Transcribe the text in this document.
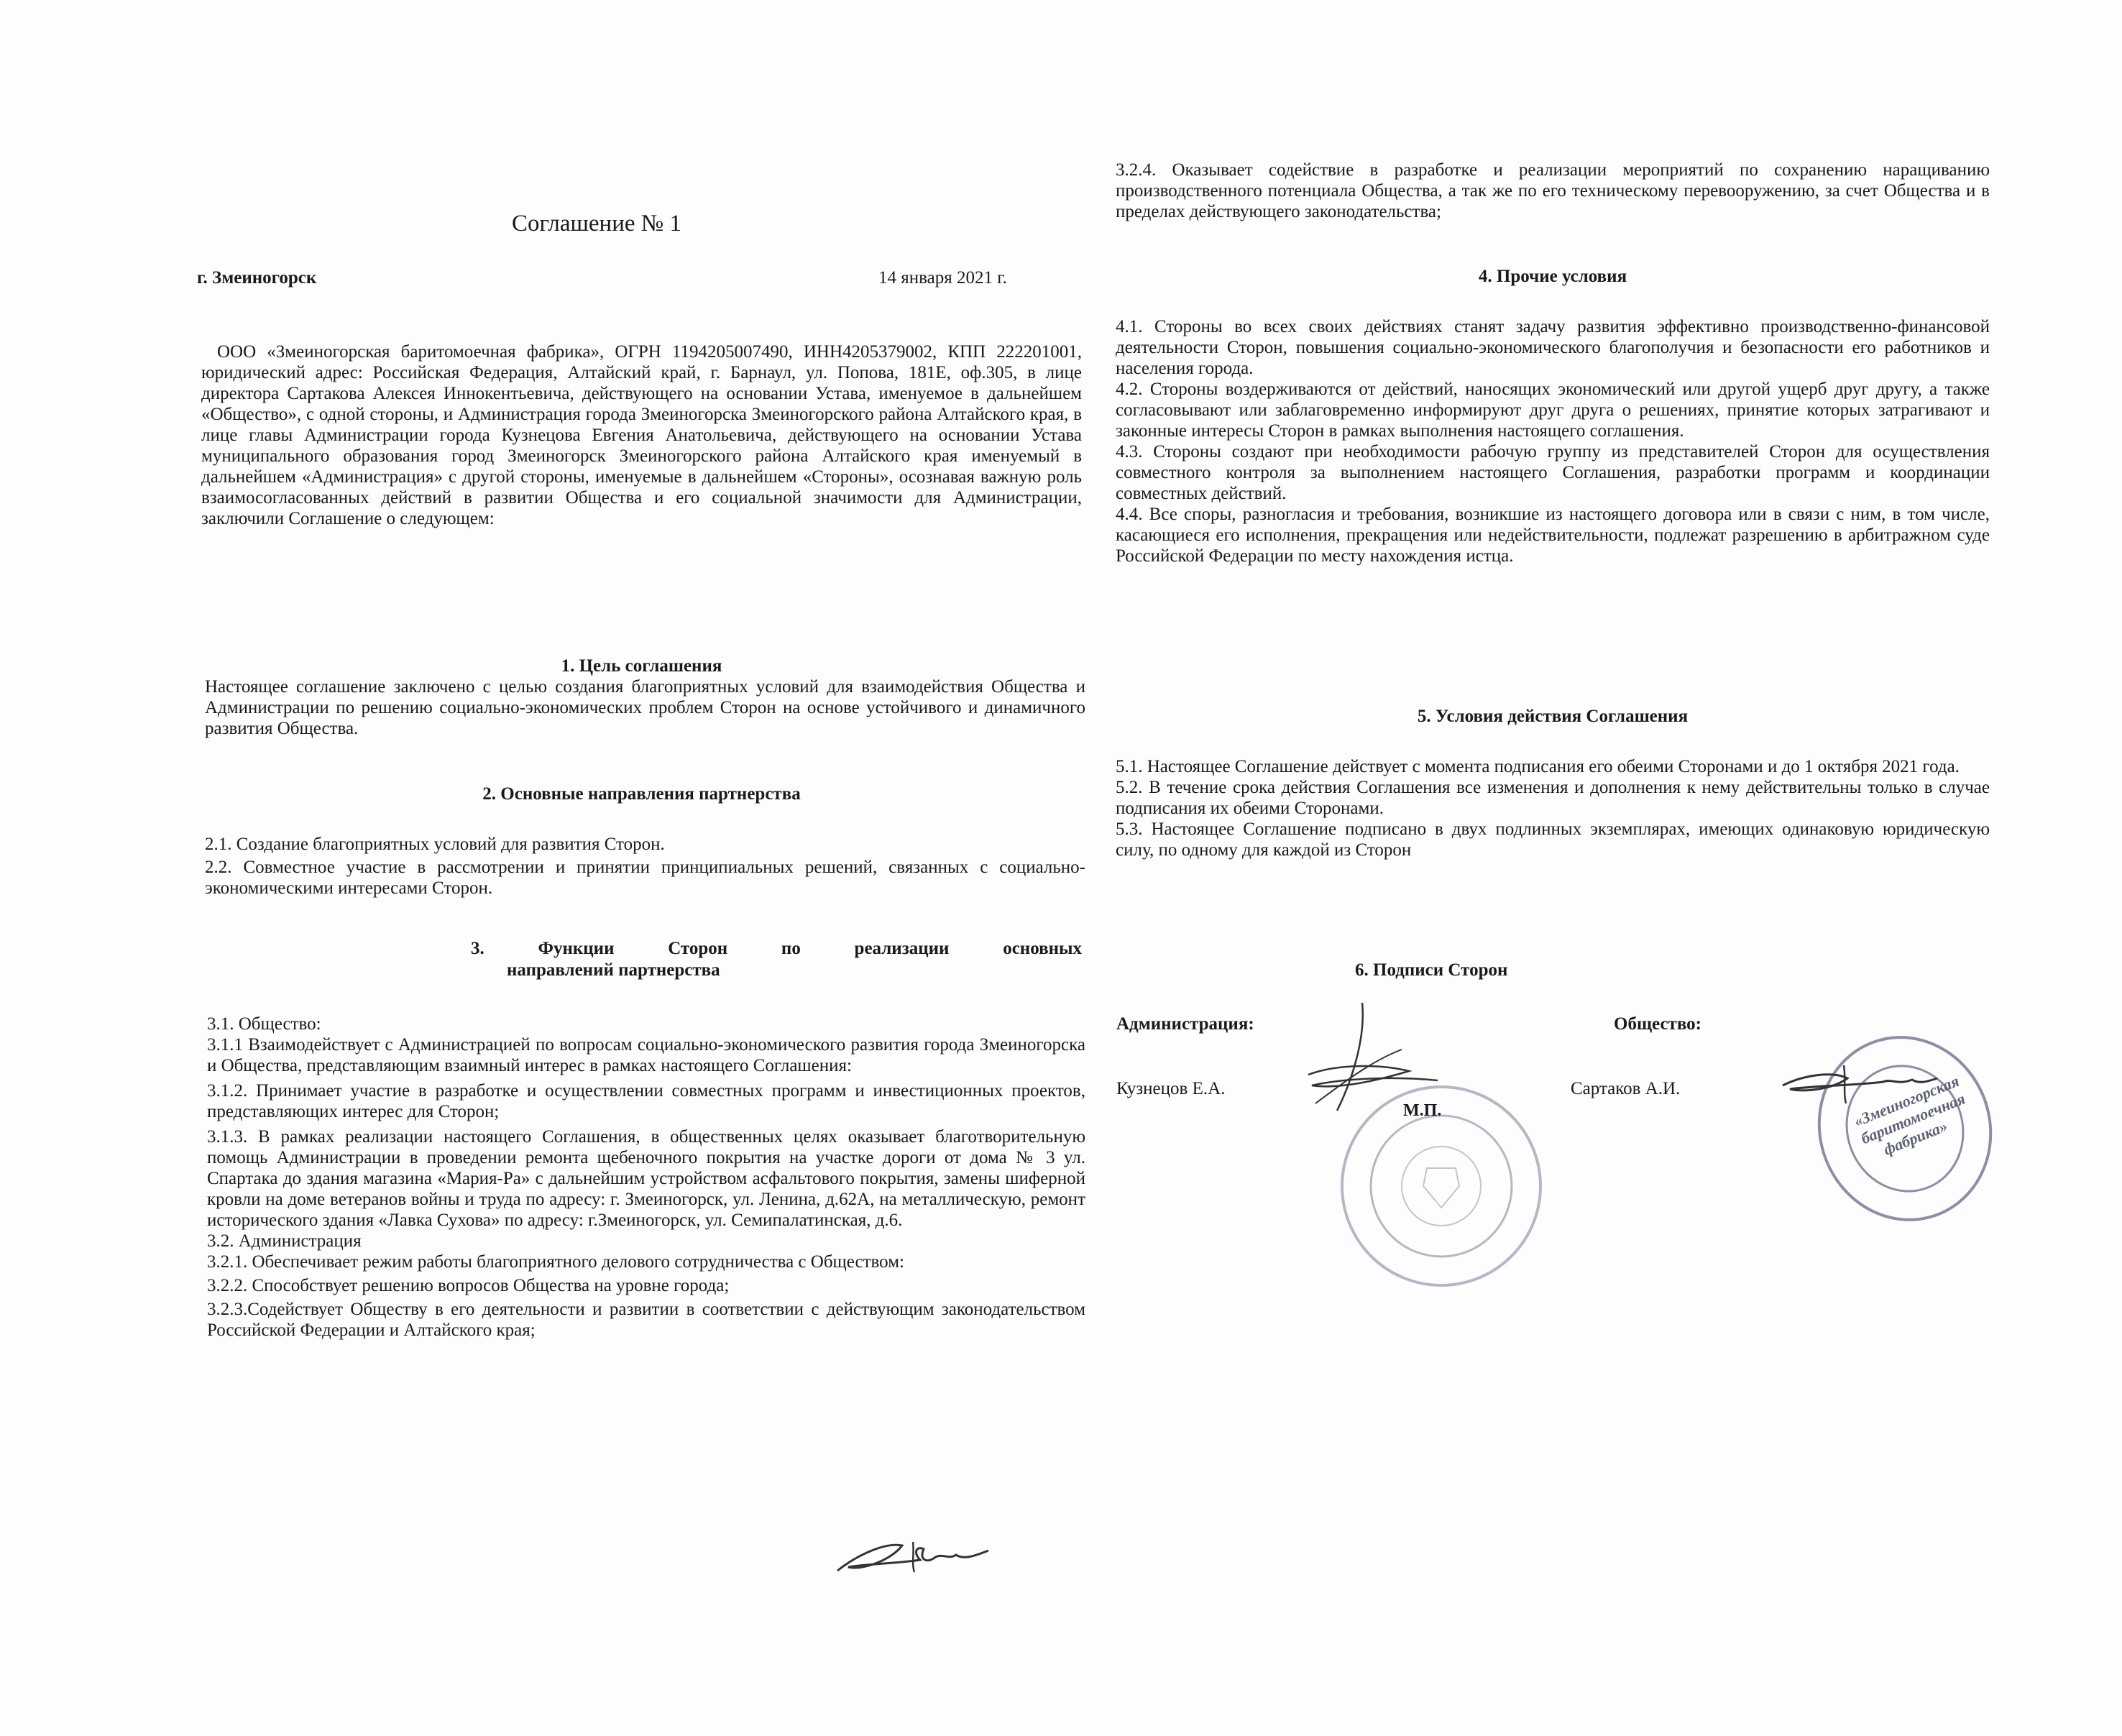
Соглашение № 1
г. Змеиногорск	14 января 2021 г.
ООО «Змеиногорская баритомоечная фабрика», ОГРН 1194205007490, ИНН4205379002, КПП 222201001, юридический адрес: Российская Федерация, Алтайский край, г. Барнаул, ул. Попова, 181Е, оф.305, в лице директора Сартакова Алексея Иннокентьевича, действующего на основании Устава, именуемое в дальнейшем «Общество», с одной стороны, и Администрация города Змеиногорска Змеиногорского района Алтайского края, в лице главы Администрации города Кузнецова Евгения Анатольевича, действующего на основании Устава муниципального образования город Змеиногорск Змеиногорского района Алтайского края именуемый в дальнейшем «Администрация» с другой стороны, именуемые в дальнейшем «Стороны», осознавая важную роль взаимосогласованных действий в развитии Общества и его социальной значимости для Администрации, заключили Соглашение о следующем:
1. Цель соглашения
Настоящее соглашение заключено с целью создания благоприятных условий для взаимодействия Общества и Администрации по решению социально-экономических проблем Сторон на основе устойчивого и динамичного развития Общества.
2. Основные направления партнерства
2.1. Создание благоприятных условий для развития Сторон.
2.2. Совместное участие в рассмотрении и принятии принципиальных решений, связанных с социально-экономическими интересами Сторон.
3. Функции Сторон по реализации основных
направлений партнерства

3.1. Общество:

3.1.1 Взаимодействует с Администрацией по вопросам социально-экономического развития города Змеиногорска и Общества, представляющим взаимный интерес в рамках настоящего Соглашения:

3.1.2. Принимает участие в разработке и осуществлении совместных программ и инвестиционных проектов, представляющих интерес для Сторон;

3.1.3. В рамках реализации настоящего Соглашения, в общественных целях оказывает благотворительную помощь Администрации в проведении ремонта щебеночного покрытия на участке дороги от дома № 3 ул. Спартака до здания магазина «Мария-Ра» с дальнейшим устройством асфальтового покрытия, замены шиферной кровли на доме ветеранов войны и труда по адресу: г. Змеиногорск, ул. Ленина, д.62А, на металлическую, ремонт исторического здания «Лавка Сухова» по адресу: г.Змеиногорск, ул. Семипалатинская, д.6.

3.2. Администрация

3.2.1. Обеспечивает режим работы благоприятного делового сотрудничества с Обществом:

3.2.2. Способствует решению вопросов Общества на уровне города;

3.2.3.Содействует Обществу в его деятельности и развитии в соответствии с действующим законодательством Российской Федерации и Алтайского края;

3.2.4. Оказывает содействие в разработке и реализации мероприятий по сохранению наращиванию производственного потенциала Общества, а так же по его техническому перевооружению, за счет Общества и в пределах действующего законодательства;

4. Прочие условия

4.1. Стороны во всех своих действиях станят задачу развития эффективно производственно-финансовой деятельности Сторон, повышения социально-экономического благополучия и безопасности его работников и населения города.

4.2. Стороны воздерживаются от действий, наносящих экономический или другой ущерб друг другу, а также согласовывают или заблаговременно информируют друг друга о решениях, принятие которых затрагивают и законные интересы Сторон в рамках выполнения настоящего соглашения.

4.3. Стороны создают при необходимости рабочую группу из представителей Сторон для осуществления совместного контроля за выполнением настоящего Соглашения, разработки программ и координации совместных действий.

4.4. Все споры, разногласия и требования, возникшие из настоящего договора или в связи с ним, в том числе, касающиеся его исполнения, прекращения или недействительности, подлежат разрешению в арбитражном суде Российской Федерации по месту нахождения истца.

5. Условия действия Соглашения

5.1. Настоящее Соглашение действует с момента подписания его обеими Сторонами и до 1 октября 2021 года.

5.2. В течение срока действия Соглашения все изменения и дополнения к нему действительны только в случае подписания их обеими Сторонами.

5.3. Настоящее Соглашение подписано в двух подлинных экземплярах, имеющих одинаковую юридическую силу, по одному для каждой из Сторон

6. Подписи Сторон
Администрация:	Общество:
Кузнецов Е.А.	Сартаков А.И.
М.П.	«Змеиногорская баритомоечная фабрика»
